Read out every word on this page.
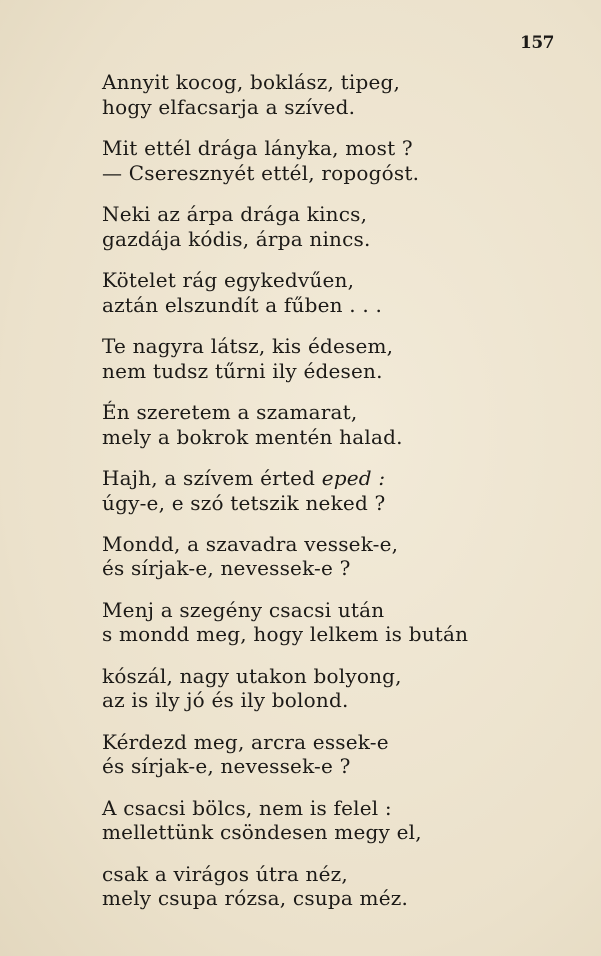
157
Annyit kocog, boklász, tipeg,
hogy elfacsarja a szíved.
Mit ettél drága lányka, most ?
— Cseresznyét ettél, ropogóst.
Neki az árpa drága kincs,
gazdája kódis, árpa nincs.
Kötelet rág egykedvűen,
aztán elszundít a fűben . . .
Te nagyra látsz, kis édesem,
nem tudsz tűrni ily édesen.
Én szeretem a szamarat,
mely a bokrok mentén halad.
Hajh, a szívem érted eped :
úgy-e, e szó tetszik neked ?
Mondd, a szavadra vessek-e,
és sírjak-e, nevessek-e ?
Menj a szegény csacsi után
s mondd meg, hogy lelkem is bután
kószál, nagy utakon bolyong,
az is ily jó és ily bolond.
Kérdezd meg, arcra essek-e
és sírjak-e, nevessek-e ?
A csacsi bölcs, nem is felel :
mellettünk csöndesen megy el,
csak a virágos útra néz,
mely csupa rózsa, csupa méz.
